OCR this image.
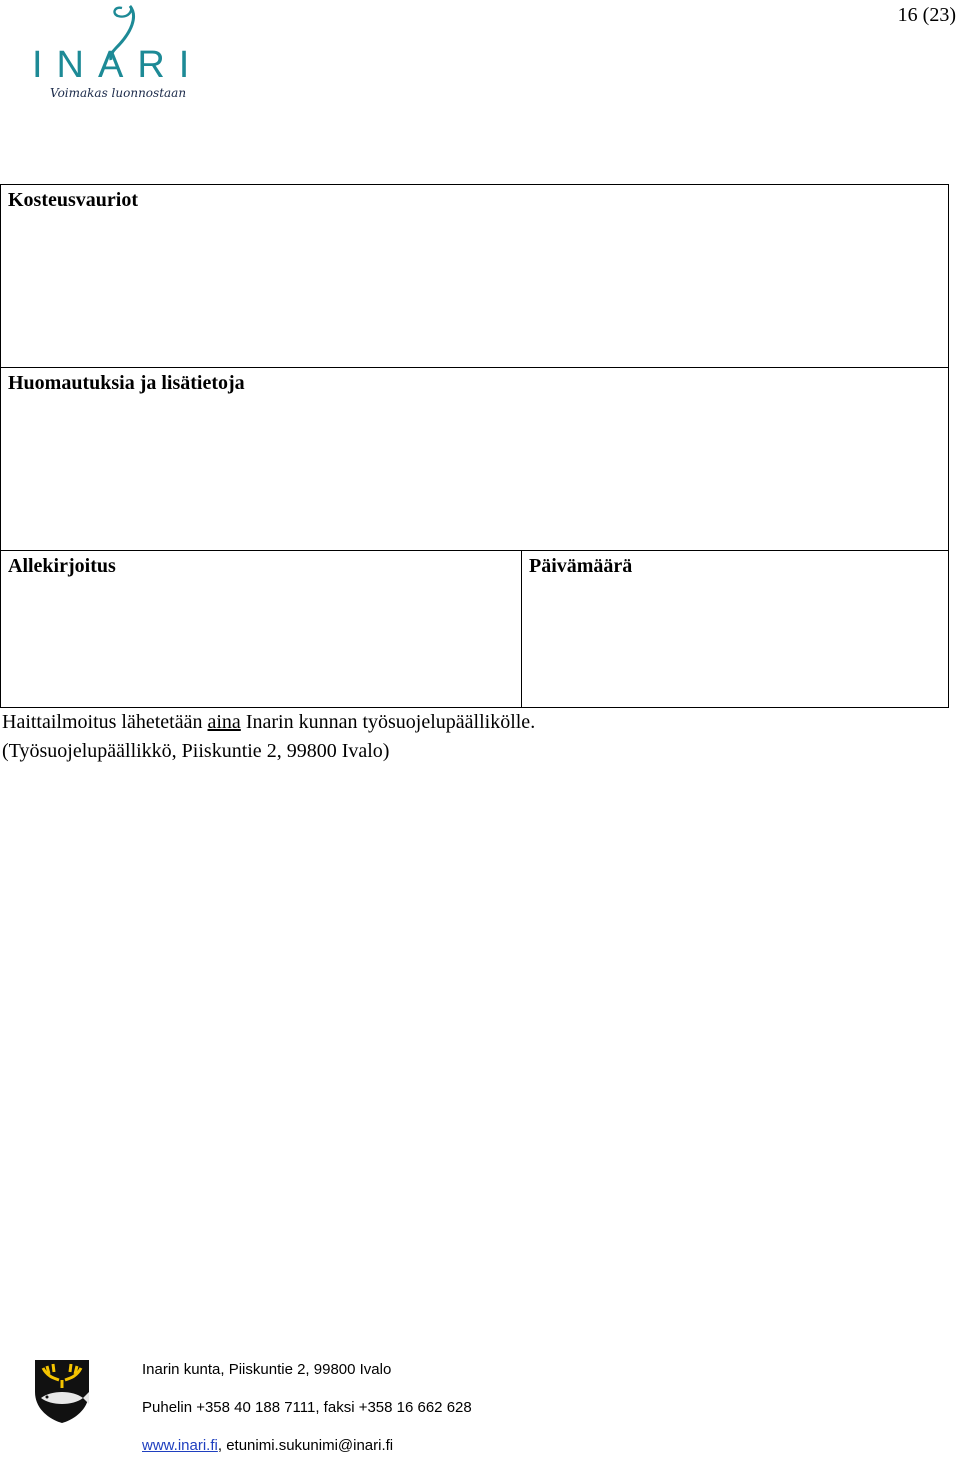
16 (23)
INARI
Voimakas luonnostaan
Kosteusvauriot
Huomautuksia ja lisätietoja
Allekirjoitus	Päivämäärä
Haittailmoitus lähetetään aina Inarin kunnan työsuojelupäällikölle.
(Työsuojelupäällikkö, Piiskuntie 2, 99800 Ivalo)
Inarin kunta, Piiskuntie 2, 99800 Ivalo
Puhelin +358 40 188 7111, faksi +358 16 662 628
www.inari.fi, etunimi.sukunimi@inari.fi
